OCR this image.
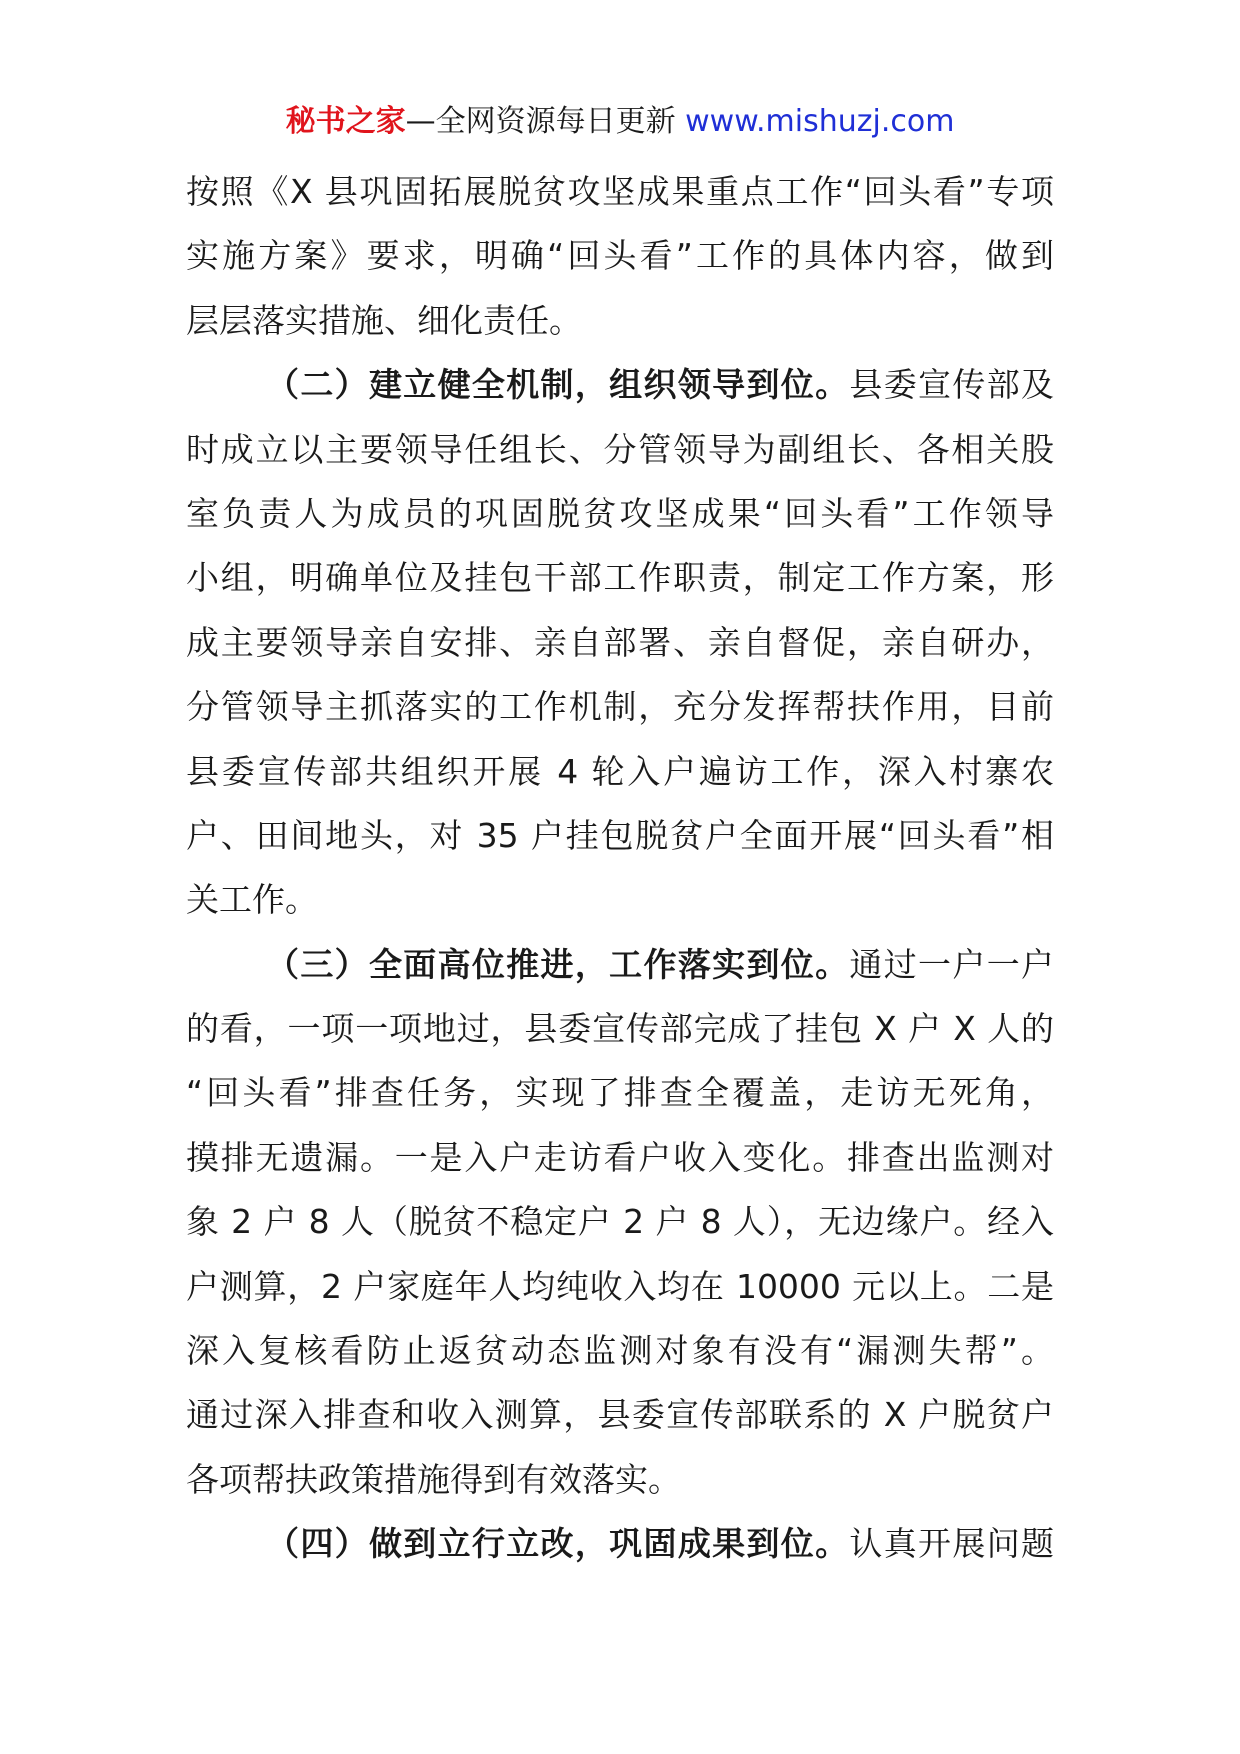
秘书之家—全网资源每日更新 www.mishuzj.com
按照《X 县巩固拓展脱贫攻坚成果重点工作“回头看”专项
实施方案》要求，明确“回头看”工作的具体内容，做到
层层落实措施、细化责任。
（二）建立健全机制，组织领导到位。县委宣传部及
时成立以主要领导任组长、分管领导为副组长、各相关股
室负责人为成员的巩固脱贫攻坚成果“回头看”工作领导
小组，明确单位及挂包干部工作职责，制定工作方案，形
成主要领导亲自安排、亲自部署、亲自督促，亲自研办，
分管领导主抓落实的工作机制，充分发挥帮扶作用，目前
县委宣传部共组织开展 4 轮入户遍访工作，深入村寨农
户、田间地头，对 35 户挂包脱贫户全面开展“回头看”相
关工作。
（三）全面高位推进，工作落实到位。通过一户一户
的看，一项一项地过，县委宣传部完成了挂包 X 户 X 人的
“回头看”排查任务，实现了排查全覆盖，走访无死角，
摸排无遗漏。一是入户走访看户收入变化。排查出监测对
象 2 户 8 人（脱贫不稳定户 2 户 8 人），无边缘户。经入
户测算，2 户家庭年人均纯收入均在 10000 元以上。二是
深入复核看防止返贫动态监测对象有没有“漏测失帮”。
通过深入排查和收入测算，县委宣传部联系的 X 户脱贫户
各项帮扶政策措施得到有效落实。
（四）做到立行立改，巩固成果到位。认真开展问题
